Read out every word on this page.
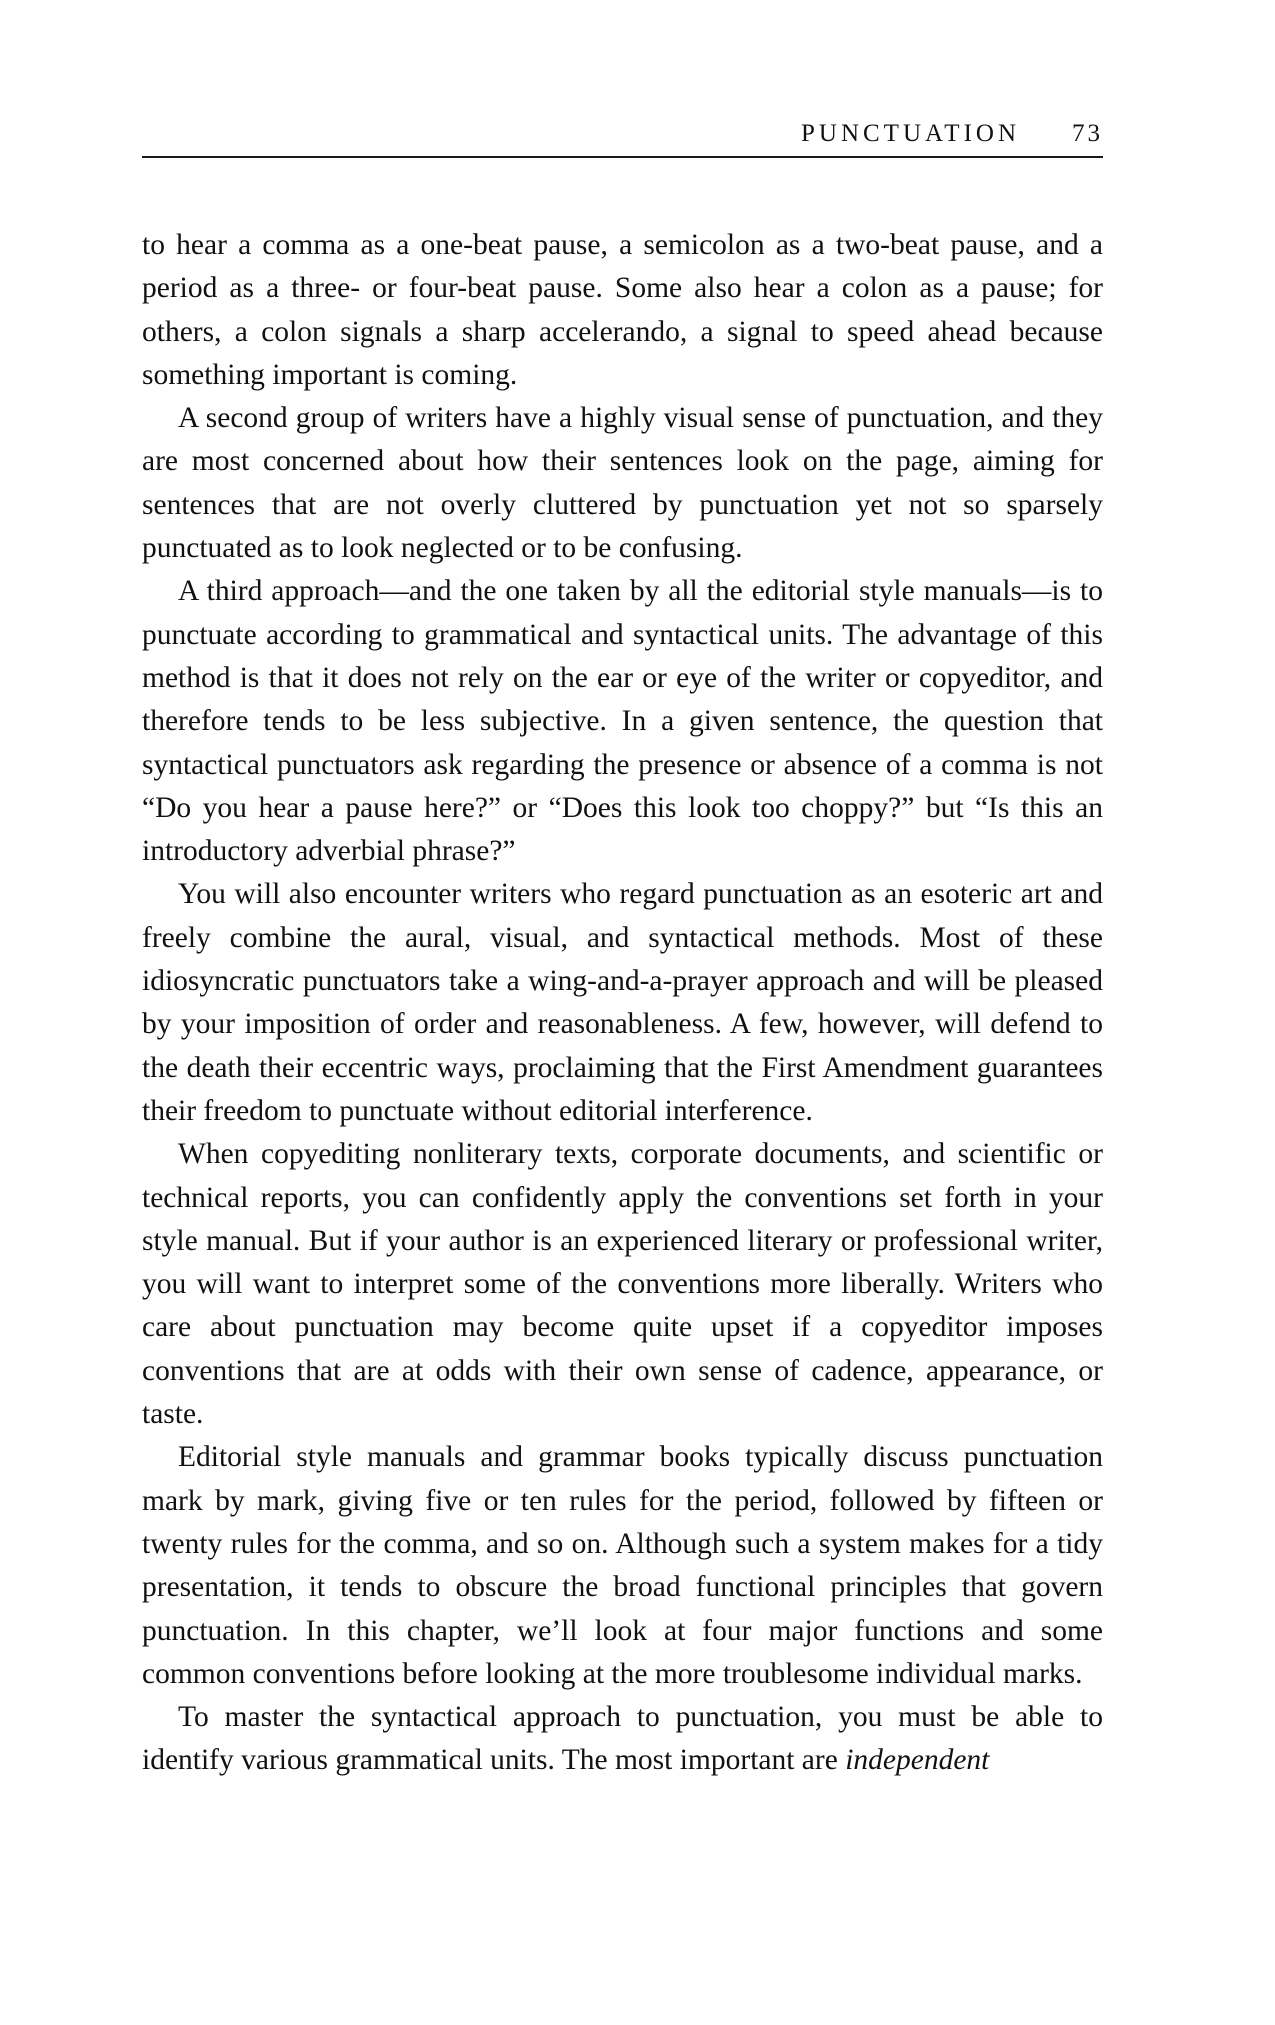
PUNCTUATION 73

to hear a comma as a one-beat pause, a semicolon as a two-beat pause, and a period as a three- or four-beat pause. Some also hear a colon as a pause; for others, a colon signals a sharp accelerando, a signal to speed ahead because something important is coming.

A second group of writers have a highly visual sense of punctuation, and they are most concerned about how their sentences look on the page, aiming for sentences that are not overly cluttered by punctuation yet not so sparsely punctuated as to look neglected or to be confusing.

A third approach—and the one taken by all the editorial style manuals—is to punctuate according to grammatical and syntactical units. The advantage of this method is that it does not rely on the ear or eye of the writer or copyeditor, and therefore tends to be less subjective. In a given sentence, the question that syntactical punctuators ask regarding the presence or absence of a comma is not “Do you hear a pause here?” or “Does this look too choppy?” but “Is this an introductory adverbial phrase?”

You will also encounter writers who regard punctuation as an esoteric art and freely combine the aural, visual, and syntactical methods. Most of these idiosyncratic punctuators take a wing-and-a-prayer approach and will be pleased by your imposition of order and reasonableness. A few, however, will defend to the death their eccentric ways, proclaiming that the First Amendment guarantees their freedom to punctuate without editorial interference.

When copyediting nonliterary texts, corporate documents, and scientific or technical reports, you can confidently apply the conventions set forth in your style manual. But if your author is an experienced literary or professional writer, you will want to interpret some of the conventions more liberally. Writers who care about punctuation may become quite upset if a copyeditor imposes conventions that are at odds with their own sense of cadence, appearance, or taste.

Editorial style manuals and grammar books typically discuss punctuation mark by mark, giving five or ten rules for the period, followed by fifteen or twenty rules for the comma, and so on. Although such a system makes for a tidy presentation, it tends to obscure the broad functional principles that govern punctuation. In this chapter, we’ll look at four major functions and some common conventions before looking at the more troublesome individual marks.

To master the syntactical approach to punctuation, you must be able to identify various grammatical units. The most important are independent
